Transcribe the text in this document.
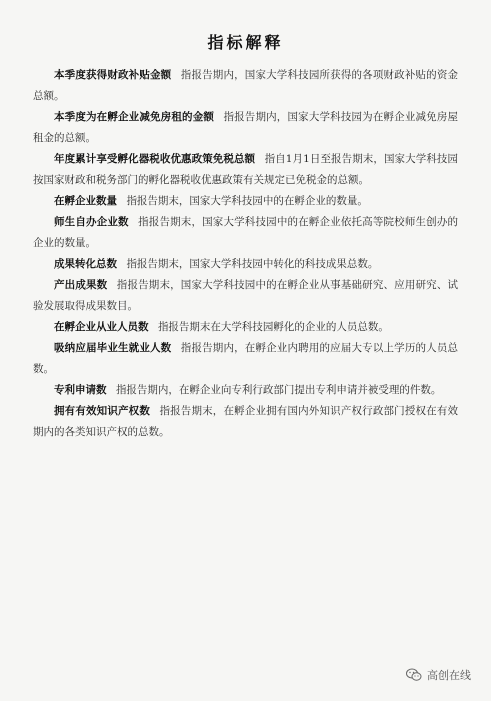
指标解释

本季度获得财政补贴金额 指报告期内，国家大学科技园所获得的各项财政补贴的资金总额。

本季度为在孵企业减免房租的金额 指报告期内，国家大学科技园为在孵企业减免房屋租金的总额。

年度累计享受孵化器税收优惠政策免税总额 指自1月1日至报告期末，国家大学科技园按国家财政和税务部门的孵化器税收优惠政策有关规定已免税金的总额。

在孵企业数量 指报告期末，国家大学科技园中的在孵企业的数量。

师生自办企业数 指报告期末，国家大学科技园中的在孵企业依托高等院校师生创办的企业的数量。

成果转化总数 指报告期末，国家大学科技园中转化的科技成果总数。

产出成果数 指报告期末，国家大学科技园中的在孵企业从事基础研究、应用研究、试验发展取得成果数目。

在孵企业从业人员数 指报告期末在大学科技园孵化的企业的人员总数。

吸纳应届毕业生就业人数 指报告期内，在孵企业内聘用的应届大专以上学历的人员总数。

专利申请数 指报告期内，在孵企业向专利行政部门提出专利申请并被受理的件数。

拥有有效知识产权数 指报告期末，在孵企业拥有国内外知识产权行政部门授权在有效期内的各类知识产权的总数。

高创在线
